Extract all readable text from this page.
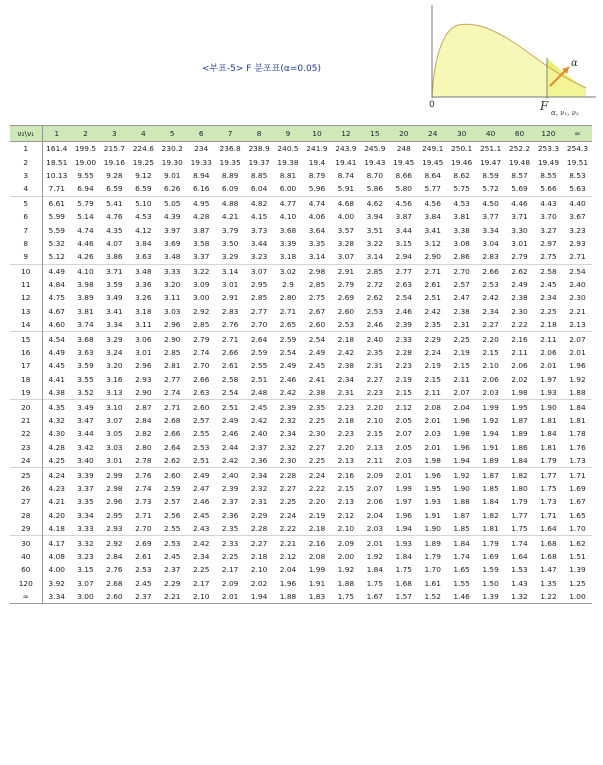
<부표-5> F 분포표(α=0.05)	α
0	F α, ν₁, ν₂
ν₂\ν₁	1	2	3	4	5	6	7	8	9	10	12	15	20	24	30	40	60	120	∞
1	161.4	199.5	215.7	224.6	230.2	234	236.8	238.9	240.5	241.9	243.9	245.9	248	249.1	250.1	251.1	252.2	253.3	254.3
2	18.51	19.00	19.16	19.25	19.30	19.33	19.35	19.37	19.38	19.4	19.41	19.43	19.45	19.45	19.46	19.47	19.48	19.49	19.51
3	10.13	9.55	9.28	9.12	9.01	8.94	8.89	8.85	8.81	8.79	8.74	8.70	8.66	8.64	8.62	8.59	8.57	8.55	8.53
4	7.71	6.94	6.59	6.59	6.26	6.16	6.09	6.04	6.00	5.96	5.91	5.86	5.80	5.77	5.75	5.72	5.69	5.66	5.63
5	6.61	5.79	5.41	5.10	5.05	4.95	4.88	4.82	4.77	4.74	4.68	4.62	4.56	4.56	4.53	4.50	4.46	4.43	4.40
6	5.99	5.14	4.76	4.53	4.39	4.28	4.21	4.15	4.10	4.06	4.00	3.94	3.87	3.84	3.81	3.77	3.71	3.70	3.67
7	5.59	4.74	4.35	4.12	3.97	3.87	3.79	3.73	3.68	3.64	3.57	3.51	3.44	3.41	3.38	3.34	3.30	3.27	3.23
8	5.32	4.46	4.07	3.84	3.69	3.58	3.50	3.44	3.39	3.35	3.28	3.22	3.15	3.12	3.08	3.04	3.01	2.97	2.93
9	5.12	4.26	3.86	3.63	3.48	3.37	3.29	3.23	3.18	3.14	3.07	3.14	2.94	2.90	2.86	2.83	2.79	2.75	2.71
10	4.49	4.10	3.71	3.48	3.33	3.22	3.14	3.07	3.02	2.98	2.91	2.85	2.77	2.71	2.70	2.66	2.62	2.58	2.54
11	4.84	3.98	3.59	3.36	3.20	3.09	3.01	2.95	2.9	2.85	2.79	2.72	2.63	2.61	2.57	2.53	2.49	2.45	2.40
12	4.75	3.89	3.49	3.26	3.11	3.00	2.91	2.85	2.80	2.75	2.69	2.62	2.54	2.51	2.47	2.42	2.38	2.34	2.30
13	4.67	3.81	3.41	3.18	3.03	2.92	2.83	2.77	2.71	2.67	2.60	2.53	2.46	2.42	2.38	2.34	2.30	2.25	2.21
14	4.60	3.74	3.34	3.11	2.96	2.85	2.76	2.70	2.65	2.60	2.53	2.46	2.39	2.35	2.31	2.27	2.22	2.18	2.13
15	4.54	3.68	3.29	3.06	2.90	2.79	2.71	2.64	2.59	2.54	2.18	2.40	2.33	2.29	2.25	2.20	2.16	2.11	2.07
16	4.49	3.63	3.24	3.01	2.85	2.74	2.66	2.59	2.54	2.49	2.42	2.35	2.28	2.24	2.19	2.15	2.11	2.06	2.01
17	4.45	3.59	3.20	2.96	2.81	2.70	2.61	2.55	2.49	2.45	2.38	2.31	2.23	2.19	2.15	2.10	2.06	2.01	1.96
18	4.41	3.55	3.16	2.93	2.77	2.66	2.58	2.51	2.46	2.41	2.34	2.27	2.19	2.15	2.11	2.06	2.02	1.97	1.92
19	4.38	3.52	3.13	2.90	2.74	2.63	2.54	2.48	2.42	2.38	2.31	2.23	2.15	2.11	2.07	2.03	1.98	1.93	1.88
20	4.35	3.49	3.10	2.87	2.71	2.60	2.51	2.45	2.39	2.35	2.23	2.20	2.12	2.08	2.04	1.99	1.95	1.90	1.84
21	4.32	3.47	3.07	2.84	2.68	2.57	2.49	2.42	2.32	2.25	2.18	2.10	2.05	2.01	1.96	1.92	1.87	1.81	1.81
22	4.30	3.44	3.05	2.82	2.66	2.55	2.46	2.40	2.34	2.30	2.23	2.15	2.07	2.03	1.98	1.94	1.89	1.84	1.78
23	4.28	3.42	3.03	2.80	2.64	2.53	2.44	2.37	2.32	2.27	2.20	2.13	2.05	2.01	1.96	1.91	1.86	1.81	1.76
24	4.25	3.40	3.01	2.78	2.62	2.51	2.42	2.36	2.30	2.25	2.13	2.11	2.03	1.98	1.94	1.89	1.84	1.79	1.73
25	4.24	3.39	2.99	2.76	2.60	2.49	2.40	2.34	2.28	2.24	2.16	2.09	2.01	1.96	1.92	1.87	1.82	1.77	1.71
26	4.23	3.37	2.98	2.74	2.59	2.47	2.39	2.32	2.27	2.22	2.15	2.07	1.99	1.95	1.90	1.85	1.80	1.75	1.69
27	4.21	3.35	2.96	2.73	2.57	2.46	2.37	2.31	2.25	2.20	2.13	2.06	1.97	1.93	1.88	1.84	1.79	1.73	1.67
28	4.20	3.34	2.95	2.71	2.56	2.45	2.36	2.29	2.24	2.19	2.12	2.04	1.96	1.91	1.87	1.82	1.77	1.71	1.65
29	4.18	3.33	2.93	2.70	2.55	2.43	2.35	2.28	2.22	2.18	2.10	2.03	1.94	1.90	1.85	1.81	1.75	1.64	1.70
30	4.17	3.32	2.92	2.69	2.53	2.42	2.33	2.27	2.21	2.16	2.09	2.01	1.93	1.89	1.84	1.79	1.74	1.68	1.62
40	4.08	3.23	2.84	2.61	2.45	2.34	2.25	2.18	2.12	2.08	2.00	1.92	1.84	1.79	1.74	1.69	1.64	1.68	1.51
60	4.00	3.15	2.76	2.53	2.37	2.25	2.17	2.10	2.04	1.99	1.92	1.84	1.75	1.70	1.65	1.59	1.53	1.47	1.39
120	3.92	3.07	2.68	2.45	2.29	2.17	2.09	2.02	1.96	1.91	1.88	1.75	1.68	1.61	1.55	1.50	1.43	1.35	1.25
∞	3.34	3.00	2.60	2.37	2.21	2.10	2.01	1.94	1.88	1.83	1.75	1.67	1.57	1.52	1.46	1.39	1.32	1.22	1.00
